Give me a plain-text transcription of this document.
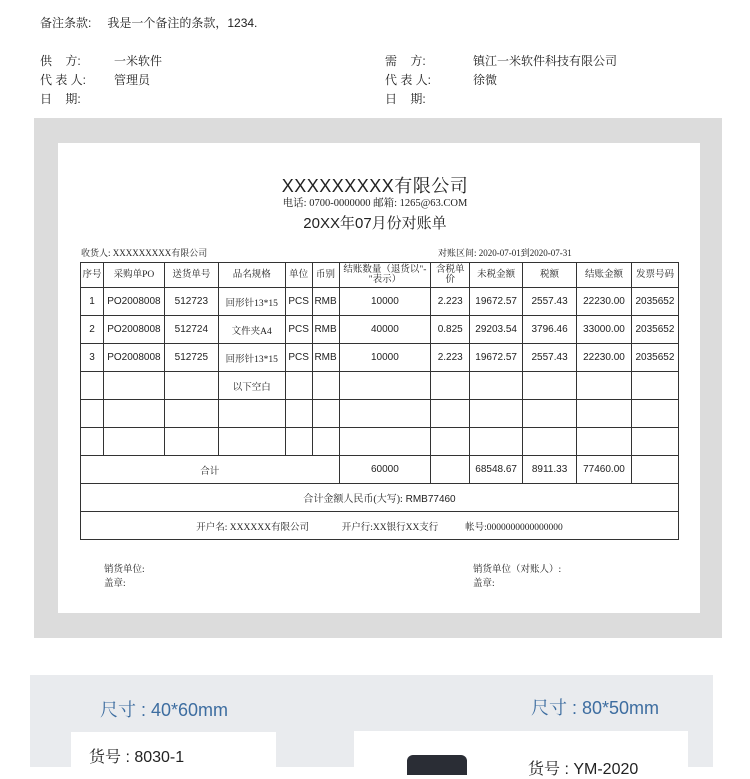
备注条款: 我是一个备注的条款，1234.
供    方:	一米软件
代 表 人:	管理员
日    期:
需    方:	镇江一米软件科技有限公司
代 表 人:	徐微
日    期:
XXXXXXXXX有限公司
电话: 0700-0000000 邮箱: 1265@63.COM
20XX年07月份对账单
收货人: XXXXXXXXX有限公司	对账区间: 2020-07-01到2020-07-31
序号	采购单PO	送货单号	品名规格	单位	币别	结账数量（退货以"-"表示）	含税单价	未税金额	税额	结账金额	发票号码
1	PO2008008	512723	回形针13*15	PCS	RMB	10000	2.223	19672.57	2557.43	22230.00	2035652
2	PO2008008	512724	文件夹A4	PCS	RMB	40000	0.825	29203.54	3796.46	33000.00	2035652
3	PO2008008	512725	回形针13*15	PCS	RMB	10000	2.223	19672.57	2557.43	22230.00	2035652
			以下空白								

合计						60000		68548.67	8911.33	77460.00	
合计金额人民币(大写): RMB77460											
开户名: XXXXXX有限公司 开户行:XX银行XX支行 帐号:0000000000000000											
销货单位:
盖章:
销货单位（对账人）:
盖章:
尺寸 : 40*60mm	尺寸 : 80*50mm
货号 : 8030-1
货号 : YM-2020
